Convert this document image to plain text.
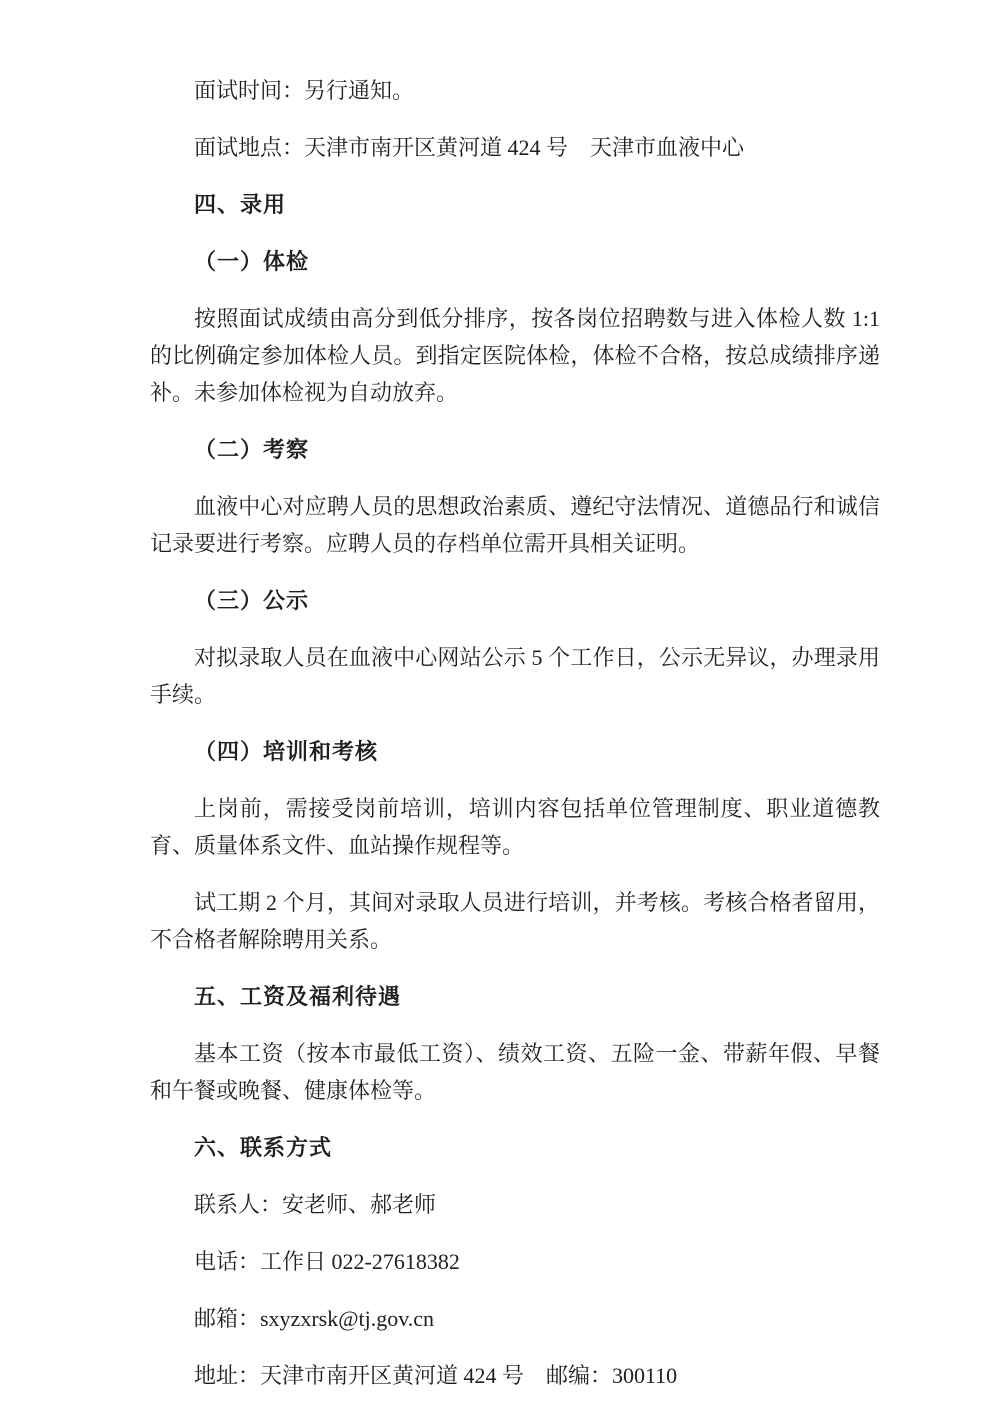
面试时间：另行通知。

面试地点：天津市南开区黄河道 424 号　天津市血液中心

四、录用
（一）体检

按照面试成绩由高分到低分排序，按各岗位招聘数与进入体检人数 1:1 的比例确定参加体检人员。到指定医院体检，体检不合格，按总成绩排序递补。未参加体检视为自动放弃。

（二）考察

血液中心对应聘人员的思想政治素质、遵纪守法情况、道德品行和诚信记录要进行考察。应聘人员的存档单位需开具相关证明。

（三）公示

对拟录取人员在血液中心网站公示 5 个工作日，公示无异议，办理录用手续。

（四）培训和考核

上岗前，需接受岗前培训，培训内容包括单位管理制度、职业道德教育、质量体系文件、血站操作规程等。

试工期 2 个月，其间对录取人员进行培训，并考核。考核合格者留用，不合格者解除聘用关系。

五、工资及福利待遇

基本工资（按本市最低工资）、绩效工资、五险一金、带薪年假、早餐和午餐或晚餐、健康体检等。

六、联系方式

联系人：安老师、郝老师

电话：工作日 022-27618382

邮箱：sxyzxrsk@tj.gov.cn

地址：天津市南开区黄河道 424 号　邮编：300110
